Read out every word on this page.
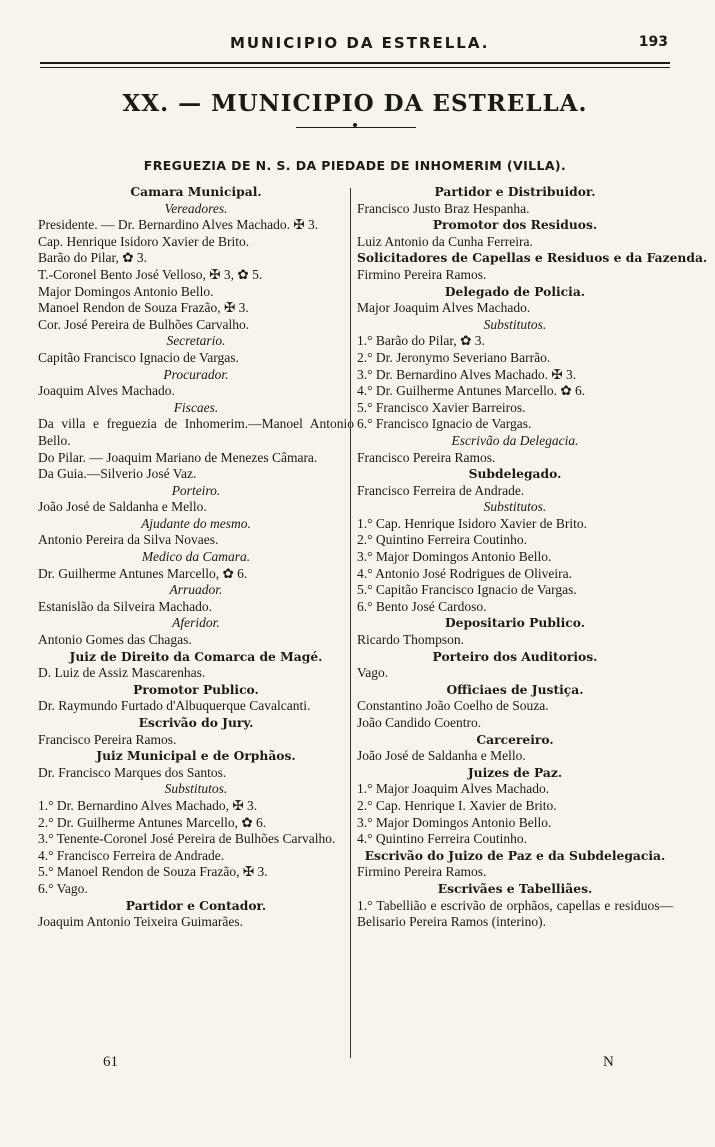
MUNICIPIO DA ESTRELLA.	193
XX. — MUNICIPIO DA ESTRELLA.
FREGUEZIA DE N. S. DA PIEDADE DE INHOMERIM (VILLA).
Camara Municipal.
Vereadores.
Presidente. — Dr. Bernardino Alves Machado. ✠ 3.
Cap. Henrique Isidoro Xavier de Brito.
Barão do Pilar, ✿ 3.
T.-Coronel Bento José Velloso, ✠ 3, ✿ 5.
Major Domingos Antonio Bello.
Manoel Rendon de Souza Frazão, ✠ 3.
Cor. José Pereira de Bulhões Carvalho.
Secretario.
Capitão Francisco Ignacio de Vargas.
Procurador.
Joaquim Alves Machado.
Fiscaes.
Da villa e freguezia de Inhomerim.—Manoel Antonio Bello.
Do Pilar. — Joaquim Mariano de Menezes Câmara.
Da Guia.—Silverio José Vaz.
Porteiro.
João José de Saldanha e Mello.
Ajudante do mesmo.
Antonio Pereira da Silva Novaes.
Medico da Camara.
Dr. Guilherme Antunes Marcello, ✿ 6.
Arruador.
Estanislão da Silveira Machado.
Aferidor.
Antonio Gomes das Chagas.
Juiz de Direito da Comarca de Magé.
D. Luiz de Assiz Mascarenhas.
Promotor Publico.
Dr. Raymundo Furtado d'Albuquerque Cavalcanti.
Escrivão do Jury.
Francisco Pereira Ramos.
Juiz Municipal e de Orphãos.
Dr. Francisco Marques dos Santos.
Substitutos.
1.° Dr. Bernardino Alves Machado, ✠ 3.
2.° Dr. Guilherme Antunes Marcello, ✿ 6.
3.° Tenente-Coronel José Pereira de Bulhões Carvalho.
4.° Francisco Ferreira de Andrade.
5.° Manoel Rendon de Souza Frazão, ✠ 3.
6.° Vago.
Partidor e Contador.
Joaquim Antonio Teixeira Guimarães.
Partidor e Distribuidor.
Francisco Justo Braz Hespanha.
Promotor dos Residuos.
Luiz Antonio da Cunha Ferreira.
Solicitadores de Capellas e Residuos e da Fazenda.
Firmino Pereira Ramos.
Delegado de Policia.
Major Joaquim Alves Machado.
Substitutos.
1.° Barão do Pilar, ✿ 3.
2.° Dr. Jeronymo Severiano Barrão.
3.° Dr. Bernardino Alves Machado. ✠ 3.
4.° Dr. Guilherme Antunes Marcello. ✿ 6.
5.° Francisco Xavier Barreiros.
6.° Francisco Ignacio de Vargas.
Escrivão da Delegacia.
Francisco Pereira Ramos.
Subdelegado.
Francisco Ferreira de Andrade.
Substitutos.
1.° Cap. Henrique Isidoro Xavier de Brito.
2.° Quintino Ferreira Coutinho.
3.° Major Domingos Antonio Bello.
4.° Antonio José Rodrigues de Oliveira.
5.° Capitão Francisco Ignacio de Vargas.
6.° Bento José Cardoso.
Depositario Publico.
Ricardo Thompson.
Porteiro dos Auditorios.
Vago.
Officiaes de Justiça.
Constantino João Coelho de Souza.
João Candido Coentro.
Carcereiro.
João José de Saldanha e Mello.
Juizes de Paz.
1.° Major Joaquim Alves Machado.
2.° Cap. Henrique I. Xavier de Brito.
3.° Major Domingos Antonio Bello.
4.° Quintino Ferreira Coutinho.
Escrivão do Juizo de Paz e da Subdelegacia.
Firmino Pereira Ramos.
Escrivães e Tabelliães.
1.° Tabellião e escrivão de orphãos, capellas e residuos—Belisario Pereira Ramos (interino).
61	N
